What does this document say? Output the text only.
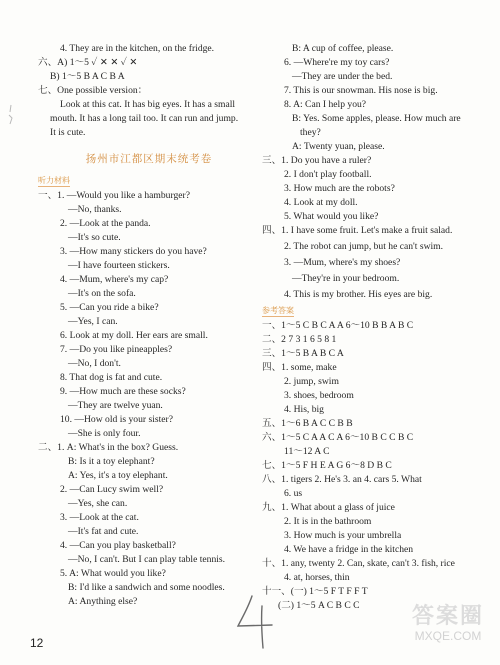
4. They are in the kitchen, on the fridge.
六、A) 1～5 ✓ ✕ ✕ ✓ ✕
B) 1～5 B A C B A
七、One possible version：
Look at this cat. It has big eyes. It has a small
mouth. It has a long tail too. It can run and jump.
It is cute.
扬州市江都区期末统考卷
听力材料
一、1. —Would you like a hamburger?
—No, thanks.
2. —Look at the panda.
—It's so cute.
3. —How many stickers do you have?
—I have fourteen stickers.
4. —Mum, where's my cap?
—It's on the sofa.
5. —Can you ride a bike?
—Yes, I can.
6. Look at my doll. Her ears are small.
7. —Do you like pineapples?
—No, I don't.
8. That dog is fat and cute.
9. —How much are these socks?
—They are twelve yuan.
10. —How old is your sister?
—She is only four.
二、1. A: What's in the box? Guess.
B: Is it a toy elephant?
A: Yes, it's a toy elephant.
2. —Can Lucy swim well?
—Yes, she can.
3. —Look at the cat.
—It's fat and cute.
4. —Can you play basketball?
—No, I can't. But I can play table tennis.
5. A: What would you like?
B: I'd like a sandwich and some noodles.
A: Anything else?
B: A cup of coffee, please.
6. —Where're my toy cars?
—They are under the bed.
7. This is our snowman. His nose is big.
8. A: Can I help you?
B: Yes. Some apples, please. How much are
they?
A: Twenty yuan, please.
三、1. Do you have a ruler?
2. I don't play football.
3. How much are the robots?
4. Look at my doll.
5. What would you like?
四、1. I have some fruit. Let's make a fruit salad.
2. The robot can jump, but he can't swim.
3. —Mum, where's my shoes?
—They're in your bedroom.
4. This is my brother. His eyes are big.
参考答案
一、1～5 C B C A A 6～10 B B A B C
二、2 7 3 1 6 5 8 1
三、1～5 B A B C A
四、1. some, make
2. jump, swim
3. shoes, bedroom
4. His, big
五、1～6 B A C C B B
六、1～5 C A A C A 6～10 B C C B C
11～12 A C
七、1～5 F H E A G 6～8 D B C
八、1. tigers 2. He's 3. an 4. cars 5. What
6. us
九、1. What about a glass of juice
2. It is in the bathroom
3. How much is your umbrella
4. We have a fridge in the kitchen
十、1. any, twenty 2. Can, skate, can't 3. fish, rice
4. at, horses, thin
十一、(一) 1～5 F T F F T
(二) 1～5 A C B C C
12
答案圈
MXQE.COM
